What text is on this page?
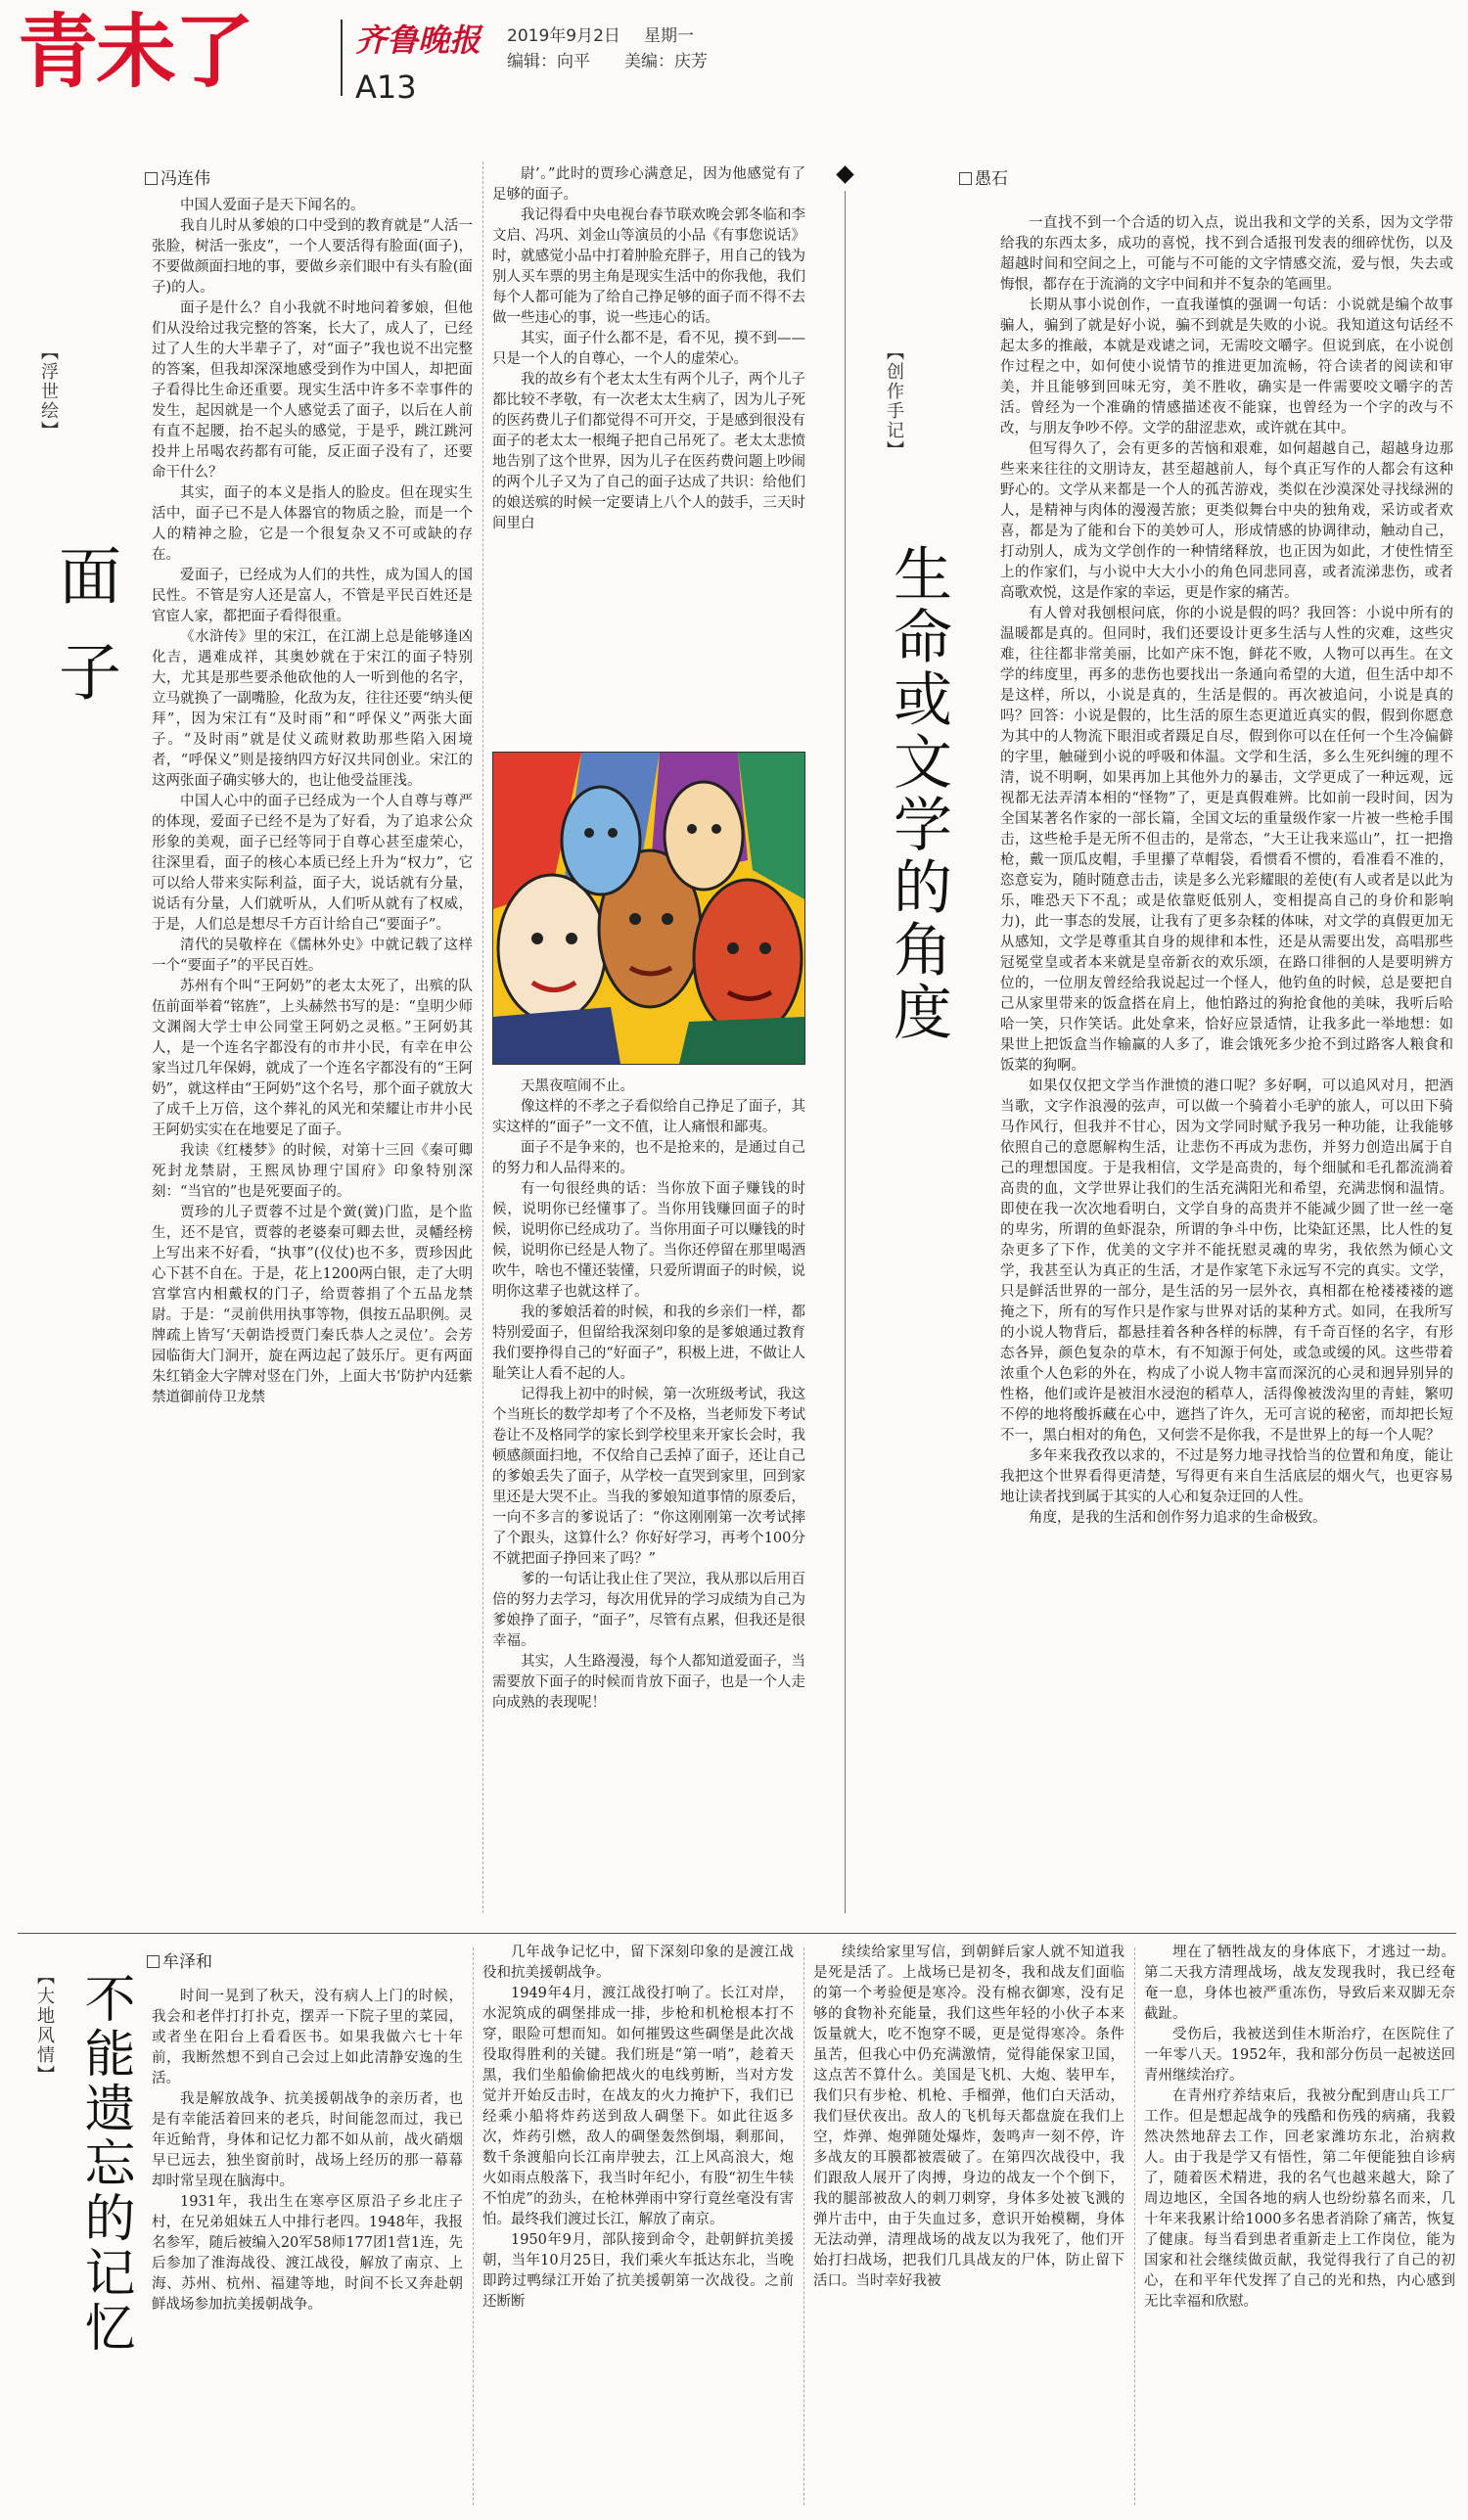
青未了	齐鲁晚报 2019年9月2日 星期一
编辑：向平 美编：庆芳
A13
【浮世绘】
面子
冯连伟

中国人爱面子是天下闻名的。

我自儿时从爹娘的口中受到的教育就是“人活一张脸，树活一张皮”，一个人要活得有脸面(面子)，不要做颜面扫地的事，要做乡亲们眼中有头有脸(面子)的人。

面子是什么？自小我就不时地问着爹娘，但他们从没给过我完整的答案，长大了，成人了，已经过了人生的大半辈子了，对“面子”我也说不出完整的答案，但我却深深地感受到作为中国人，却把面子看得比生命还重要。现实生活中许多不幸事件的发生，起因就是一个人感觉丢了面子，以后在人前有直不起腰，抬不起头的感觉，于是乎，跳江跳河投井上吊喝农药都有可能，反正面子没有了，还要命干什么？

其实，面子的本义是指人的脸皮。但在现实生活中，面子已不是人体器官的物质之脸，而是一个人的精神之脸，它是一个很复杂又不可或缺的存在。

爱面子，已经成为人们的共性，成为国人的国民性。不管是穷人还是富人，不管是平民百姓还是官宦人家，都把面子看得很重。

《水浒传》里的宋江，在江湖上总是能够逢凶化吉，遇难成祥，其奥妙就在于宋江的面子特别大，尤其是那些要杀他砍他的人一听到他的名字，立马就换了一副嘴脸，化敌为友，往往还要“纳头便拜”，因为宋江有“及时雨”和“呼保义”两张大面子。“及时雨”就是仗义疏财救助那些陷入困境者，“呼保义”则是接纳四方好汉共同创业。宋江的这两张面子确实够大的，也让他受益匪浅。

中国人心中的面子已经成为一个人自尊与尊严的体现，爱面子已经不是为了好看，为了追求公众形象的美观，面子已经等同于自尊心甚至虚荣心，往深里看，面子的核心本质已经上升为“权力”，它可以给人带来实际利益，面子大，说话就有分量，说话有分量，人们就听从，人们听从就有了权威，于是，人们总是想尽千方百计给自己“要面子”。

清代的吴敬梓在《儒林外史》中就记载了这样一个“要面子”的平民百姓。

苏州有个叫“王阿奶”的老太太死了，出殡的队伍前面举着“铭旌”，上头赫然书写的是：“皇明少师文渊阁大学士申公同堂王阿奶之灵柩。”王阿奶其人，是一个连名字都没有的市井小民，有幸在申公家当过几年保姆，就成了一个连名字都没有的“王阿奶”，就这样由“王阿奶”这个名号，那个面子就放大了成千上万倍，这个葬礼的风光和荣耀让市井小民王阿奶实实在在地要足了面子。

我读《红楼梦》的时候，对第十三回《秦可卿死封龙禁尉，王熙凤协理宁国府》印象特别深刻：“当官的”也是死要面子的。

贾珍的儿子贾蓉不过是个黉(黉)门监，是个监生，还不是官，贾蓉的老婆秦可卿去世，灵幡经榜上写出来不好看，“执事”(仪仗)也不多，贾珍因此心下甚不自在。于是，花上1200两白银，走了大明宫掌宫内相戴权的门子，给贾蓉捐了个五品龙禁尉。于是：“灵前供用执事等物，俱按五品职例。灵牌疏上皆写‘天朝诰授贾门秦氏恭人之灵位’。会芳园临街大门洞开，旋在两边起了鼓乐厅。更有两面朱红销金大字牌对竖在门外，上面大书‘防护内廷紫禁道御前侍卫龙禁

尉’。”此时的贾珍心满意足，因为他感觉有了足够的面子。

我记得看中央电视台春节联欢晚会郭冬临和李文启、冯巩、刘金山等演员的小品《有事您说话》时，就感觉小品中打着肿脸充胖子，用自己的钱为别人买车票的男主角是现实生活中的你我他，我们每个人都可能为了给自己挣足够的面子而不得不去做一些违心的事，说一些违心的话。

其实，面子什么都不是，看不见，摸不到——只是一个人的自尊心，一个人的虚荣心。

我的故乡有个老太太生有两个儿子，两个儿子都比较不孝敬，有一次老太太生病了，因为儿子死的医药费儿子们都觉得不可开交，于是感到很没有面子的老太太一根绳子把自己吊死了。老太太悲愤地告别了这个世界，因为儿子在医药费问题上吵闹的两个儿子又为了自己的面子达成了共识：给他们的娘送殡的时候一定要请上八个人的鼓手，三天时间里白

天黑夜喧闹不止。

像这样的不孝之子看似给自己挣足了面子，其实这样的“面子”一文不值，让人痛恨和鄙夷。

面子不是争来的，也不是抢来的，是通过自己的努力和人品得来的。

有一句很经典的话：当你放下面子赚钱的时候，说明你已经懂事了。当你用钱赚回面子的时候，说明你已经成功了。当你用面子可以赚钱的时候，说明你已经是人物了。当你还停留在那里喝酒吹牛，啥也不懂还装懂，只爱所谓面子的时候，说明你这辈子也就这样了。

我的爹娘活着的时候，和我的乡亲们一样，都特别爱面子，但留给我深刻印象的是爹娘通过教育我们要挣得自己的“好面子”，积极上进，不做让人耻笑让人看不起的人。

记得我上初中的时候，第一次班级考试，我这个当班长的数学却考了个不及格，当老师发下考试卷让不及格同学的家长到学校里来开家长会时，我顿感颜面扫地，不仅给自己丢掉了面子，还让自己的爹娘丢失了面子，从学校一直哭到家里，回到家里还是大哭不止。当我的爹娘知道事情的原委后，一向不多言的爹说话了：“你这刚刚第一次考试摔了个跟头，这算什么？你好好学习，再考个100分不就把面子挣回来了吗？”

爹的一句话让我止住了哭泣，我从那以后用百倍的努力去学习，每次用优异的学习成绩为自己为爹娘挣了面子，“面子”，尽管有点累，但我还是很幸福。

其实，人生路漫漫，每个人都知道爱面子，当需要放下面子的时候而肯放下面子，也是一个人走向成熟的表现呢！

【创作手记】
生命或文学的角度
愚石

一直找不到一个合适的切入点，说出我和文学的关系，因为文学带给我的东西太多，成功的喜悦，找不到合适报刊发表的细碎忧伤，以及超越时间和空间之上，可能与不可能的文字情感交流，爱与恨，失去或悔恨，都存在于流淌的文字中间和并不复杂的笔画里。

长期从事小说创作，一直我谨慎的强调一句话：小说就是编个故事骗人，骗到了就是好小说，骗不到就是失败的小说。我知道这句话经不起太多的推敲，本就是戏谑之词，无需咬文嚼字。但说到底，在小说创作过程之中，如何使小说情节的推进更加流畅，符合读者的阅读和审美，并且能够到回味无穷，美不胜收，确实是一件需要咬文嚼字的苦活。曾经为一个准确的情感描述夜不能寐，也曾经为一个字的改与不改，与朋友争吵不停。文学的甜涩悲欢，或许就在其中。

但写得久了，会有更多的苦恼和艰难，如何超越自己，超越身边那些来来往往的文朋诗友，甚至超越前人，每个真正写作的人都会有这种野心的。文学从来都是一个人的孤苦游戏，类似在沙漠深处寻找绿洲的人，是精神与肉体的漫漫苦旅；更类似舞台中央的独角戏，采访或者欢喜，都是为了能和台下的美妙可人，形成情感的协调律动，触动自己，打动别人，成为文学创作的一种情绪释放，也正因为如此，才使性情至上的作家们，与小说中大大小小的角色同悲同喜，或者流涕悲伤，或者高歌欢悦，这是作家的幸运，更是作家的痛苦。

有人曾对我刨根问底，你的小说是假的吗？我回答：小说中所有的温暖都是真的。但同时，我们还要设计更多生活与人性的灾难，这些灾难，往往都非常美丽，比如产床不饱，鲜花不败，人物可以再生。在文学的纬度里，再多的悲伤也要找出一条通向希望的大道，但生活中却不是这样，所以，小说是真的，生活是假的。再次被追问，小说是真的吗？回答：小说是假的，比生活的原生态更道近真实的假，假到你愿意为其中的人物流下眼泪或者蹑足自尽，假到你可以在任何一个生冷偏僻的字里，触碰到小说的呼吸和体温。文学和生活，多么生死纠缠的理不清，说不明啊，如果再加上其他外力的暴击，文学更成了一种远观，远视都无法弄清本相的“怪物”了，更是真假难辨。比如前一段时间，因为全国某著名作家的一部长篇，全国文坛的重量级作家一片被一些枪手围击，这些枪手是无所不但击的，是常态，“大王让我来巡山”，扛一把撸枪，戴一顶瓜皮帽，手里攥了草帽袋，看惯看不惯的，看准看不准的，恣意妄为，随时随意击击，读是多么光彩耀眼的差使(有人或者是以此为乐，唯恐天下不乱；或是依靠贬低别人，变相提高自己的身价和影响力)，此一事态的发展，让我有了更多杂糅的体味，对文学的真假更加无从感知，文学是尊重其自身的规律和本性，还是从需要出发，高唱那些冠冕堂皇或者本来就是皇帝新衣的欢乐颂，在路口徘徊的人是要明辨方位的，一位朋友曾经给我说起过一个怪人，他钓鱼的时候，总是要把自己从家里带来的饭盒搭在肩上，他怕路过的狗抢食他的美味，我听后哈哈一笑，只作笑话。此处拿来，恰好应景适情，让我多此一举地想：如果世上把饭盒当作输赢的人多了，谁会饿死多少抢不到过路客人粮食和饭菜的狗啊。

如果仅仅把文学当作泄愤的港口呢？多好啊，可以追风对月，把酒当歌，文字作浪漫的弦声，可以做一个骑着小毛驴的旅人，可以田下骑马作风行，但我并不甘心，因为文学同时赋予我另一种功能，让我能够依照自己的意愿解构生活，让悲伤不再成为悲伤，并努力创造出属于自己的理想国度。于是我相信，文学是高贵的，每个细腻和毛孔都流淌着高贵的血，文学世界让我们的生活充满阳光和希望，充满悲悯和温情。即使在我一次次地看明白，文学自身的高贵并不能减少圆了世一丝一毫的卑劣，所谓的鱼虾混杂，所谓的争斗中伤，比染缸还黑，比人性的复杂更多了下作，优美的文字并不能抚慰灵魂的卑劣，我依然为倾心文学，我甚至认为真正的生活，才是作家笔下永远写不完的真实。文学，只是鲜活世界的一部分，是生活的另一层外衣，真相都在枪褛褛褛的遮掩之下，所有的写作只是作家与世界对话的某种方式。如同，在我所写的小说人物背后，都悬挂着各种各样的标牌，有千奇百怪的名字，有形态各异，颜色复杂的草木，有不知源于何处，或急或缓的风。这些带着浓重个人色彩的外在，构成了小说人物丰富而深沉的心灵和迥异别异的性格，他们或许是被泪水浸泡的稻草人，活得像被泼沟里的青蛙，繁叨不停的地将酸拆藏在心中，遮挡了许久，无可言说的秘密，而却把长短不一，黑白相对的角色，又何尝不是你我，不是世界上的每一个人呢？

多年来我孜孜以求的，不过是努力地寻找恰当的位置和角度，能让我把这个世界看得更清楚，写得更有来自生活底层的烟火气，也更容易地让读者找到属于其实的人心和复杂迂回的人性。

角度，是我的生活和创作努力追求的生命极致。

【大地风情】 不能遗忘的记忆
牟泽和

时间一晃到了秋天，没有病人上门的时候，我会和老伴打打扑克，摆弄一下院子里的菜园，或者坐在阳台上看看医书。如果我做六七十年前，我断然想不到自己会过上如此清静安逸的生活。

我是解放战争、抗美援朝战争的亲历者，也是有幸能活着回来的老兵，时间能忽而过，我已年近鲐背，身体和记忆力都不如从前，战火硝烟早已远去，独坐窗前时，战场上经历的那一幕幕却时常呈现在脑海中。

1931年，我出生在寒亭区原沿子乡北庄子村，在兄弟姐妹五人中排行老四。1948年，我报名参军，随后被编入20军58师177团1营1连，先后参加了淮海战役、渡江战役，解放了南京、上海、苏州、杭州、福建等地，时间不长又奔赴朝鲜战场参加抗美援朝战争。

几年战争记忆中，留下深刻印象的是渡江战役和抗美援朝战争。

1949年4月，渡江战役打响了。长江对岸，水泥筑成的碉堡排成一排，步枪和机枪根本打不穿，眼险可想而知。如何摧毁这些碉堡是此次战役取得胜利的关键。我们班是“第一哨”，趁着天黑，我们坐船偷偷把战火的电线剪断，当对方发觉并开始反击时，在战友的火力掩护下，我们已经乘小船将炸药送到敌人碉堡下。如此往返多次，炸药引燃，敌人的碉堡轰然倒塌，剩那间，数千条渡船向长江南岸驶去，江上风高浪大，炮火如雨点般落下，我当时年纪小，有股“初生牛犊不怕虎”的劲头，在枪林弹雨中穿行竟丝毫没有害怕。最终我们渡过长江，解放了南京。

1950年9月，部队接到命令，赴朝鲜抗美援朝，当年10月25日，我们乘火车抵达东北，当晚即跨过鸭绿江开始了抗美援朝第一次战役。之前还断断

续续给家里写信，到朝鲜后家人就不知道我是死是活了。上战场已是初冬，我和战友们面临的第一个考验便是寒冷。没有棉衣御寒，没有足够的食物补充能量，我们这些年轻的小伙子本来饭量就大，吃不饱穿不暖，更是觉得寒冷。条件虽苦，但我心中仍充满激情，觉得能保家卫国，这点苦不算什么。美国是飞机、大炮、装甲车，我们只有步枪、机枪、手榴弹，他们白天活动，我们昼伏夜出。敌人的飞机每天都盘旋在我们上空，炸弹、炮弹随处爆炸，轰鸣声一刻不停，许多战友的耳膜都被震破了。在第四次战役中，我们跟敌人展开了肉搏，身边的战友一个个倒下，我的腿部被敌人的刺刀刺穿，身体多处被飞溅的弹片击中，由于失血过多，意识开始模糊，身体无法动弹，清理战场的战友以为我死了，他们开始打扫战场，把我们几具战友的尸体，防止留下活口。当时幸好我被

埋在了牺牲战友的身体底下，才逃过一劫。第二天我方清理战场，战友发现我时，我已经奄奄一息，身体也被严重冻伤，导致后来双脚无奈截趾。

受伤后，我被送到佳木斯治疗，在医院住了一年零八天。1952年，我和部分伤员一起被送回青州继续治疗。

在青州疗养结束后，我被分配到唐山兵工厂工作。但是想起战争的残酷和伤残的病痛，我毅然决然地辞去工作，回老家潍坊东北，治病救人。由于我是学又有悟性，第二年便能独自诊病了，随着医术精进，我的名气也越来越大，除了周边地区，全国各地的病人也纷纷慕名而来，几十年来我累计给1000多名患者消除了痛苦，恢复了健康。每当看到患者重新走上工作岗位，能为国家和社会继续做贡献，我觉得我行了自己的初心，在和平年代发挥了自己的光和热，内心感到无比幸福和欣慰。
